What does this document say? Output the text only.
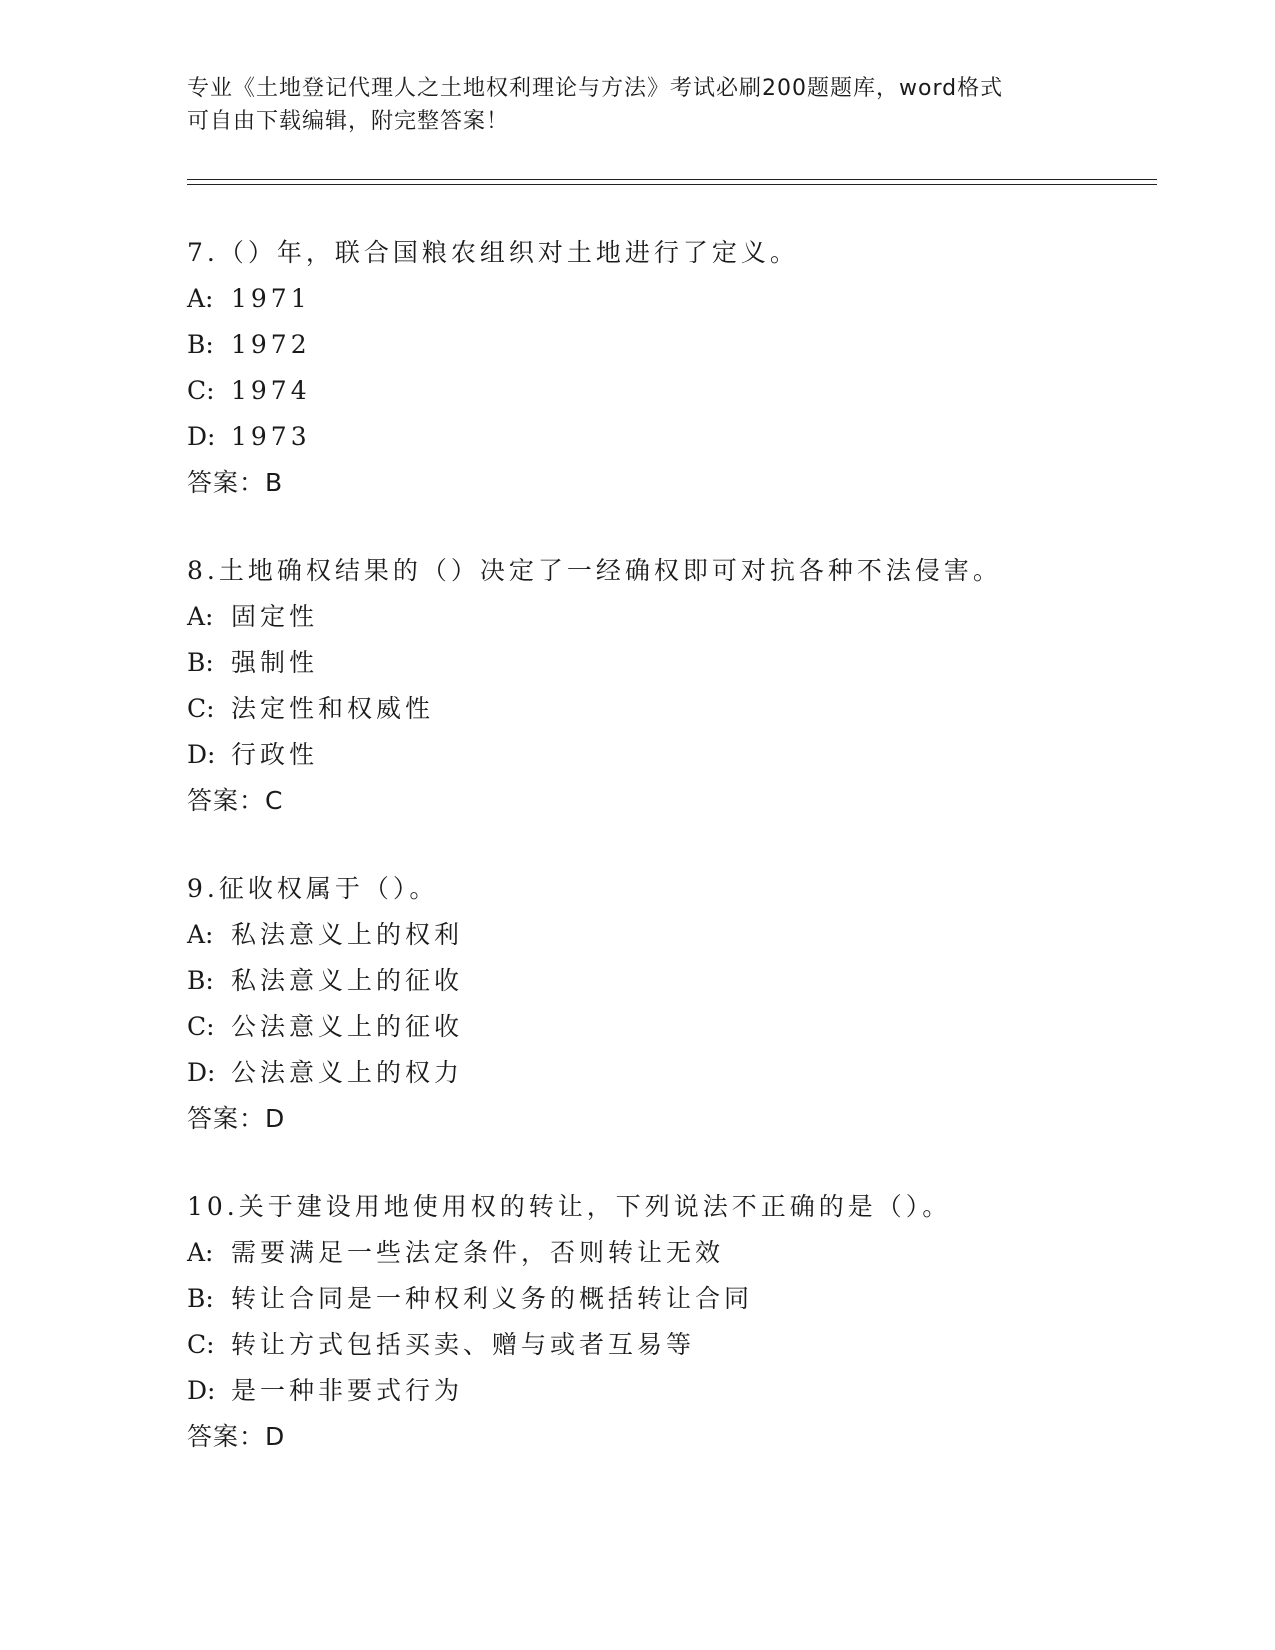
专业《土地登记代理人之土地权利理论与方法》考试必刷200题题库，word格式
可自由下载编辑，附完整答案！
7.（）年，联合国粮农组织对土地进行了定义。
A: 1971
B: 1972
C: 1974
D: 1973
答案：B
8.土地确权结果的（）决定了一经确权即可对抗各种不法侵害。
A: 固定性
B: 强制性
C: 法定性和权威性
D: 行政性
答案：C
9.征收权属于（）。
A: 私法意义上的权利
B: 私法意义上的征收
C: 公法意义上的征收
D: 公法意义上的权力
答案：D
10.关于建设用地使用权的转让，下列说法不正确的是（）。
A: 需要满足一些法定条件，否则转让无效
B: 转让合同是一种权利义务的概括转让合同
C: 转让方式包括买卖、赠与或者互易等
D: 是一种非要式行为
答案：D
